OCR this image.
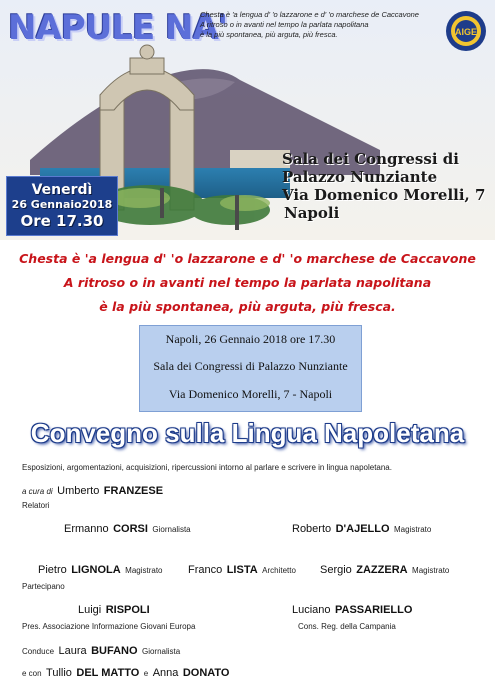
NAPULE NA'
Chesta è 'a lengua d' 'o lazzarone e d' 'o marchese de Caccavone
A ritroso o in avanti nel tempo la parlata napolitana
è la più spontanea, più arguta, più fresca.	AIGE
Venerdì
26 Gennaio2018
Ore 17.30
Sala dei Congressi di
Palazzo Nunziante
Via Domenico Morelli, 7
Napoli
Chesta è 'a lengua d' 'o lazzarone e d' 'o marchese de Caccavone
A ritroso o in avanti nel tempo la parlata napolitana
è la più spontanea, più arguta, più fresca.
Napoli, 26 Gennaio 2018 ore 17.30
Sala dei Congressi di Palazzo Nunziante
Via Domenico Morelli, 7 - Napoli
Convegno sulla Lingua Napoletana
Esposizioni, argomentazioni, acquisizioni, ripercussioni intorno al parlare e scrivere in lingua napoletana.
a cura di Umberto FRANZESE
Relatori
Ermanno CORSI Giornalista	Roberto D'AJELLO Magistrato
Pietro LIGNOLA Magistrato Franco LISTA Architetto Sergio ZAZZERA Magistrato
Partecipano
Luigi RISPOLI
Pres. Associazione Informazione Giovani Europa
Luciano PASSARIELLO
Cons. Reg. della Campania
Conduce Laura BUFANO Giornalista
e con Tullio DEL MATTO e Anna DONATO
